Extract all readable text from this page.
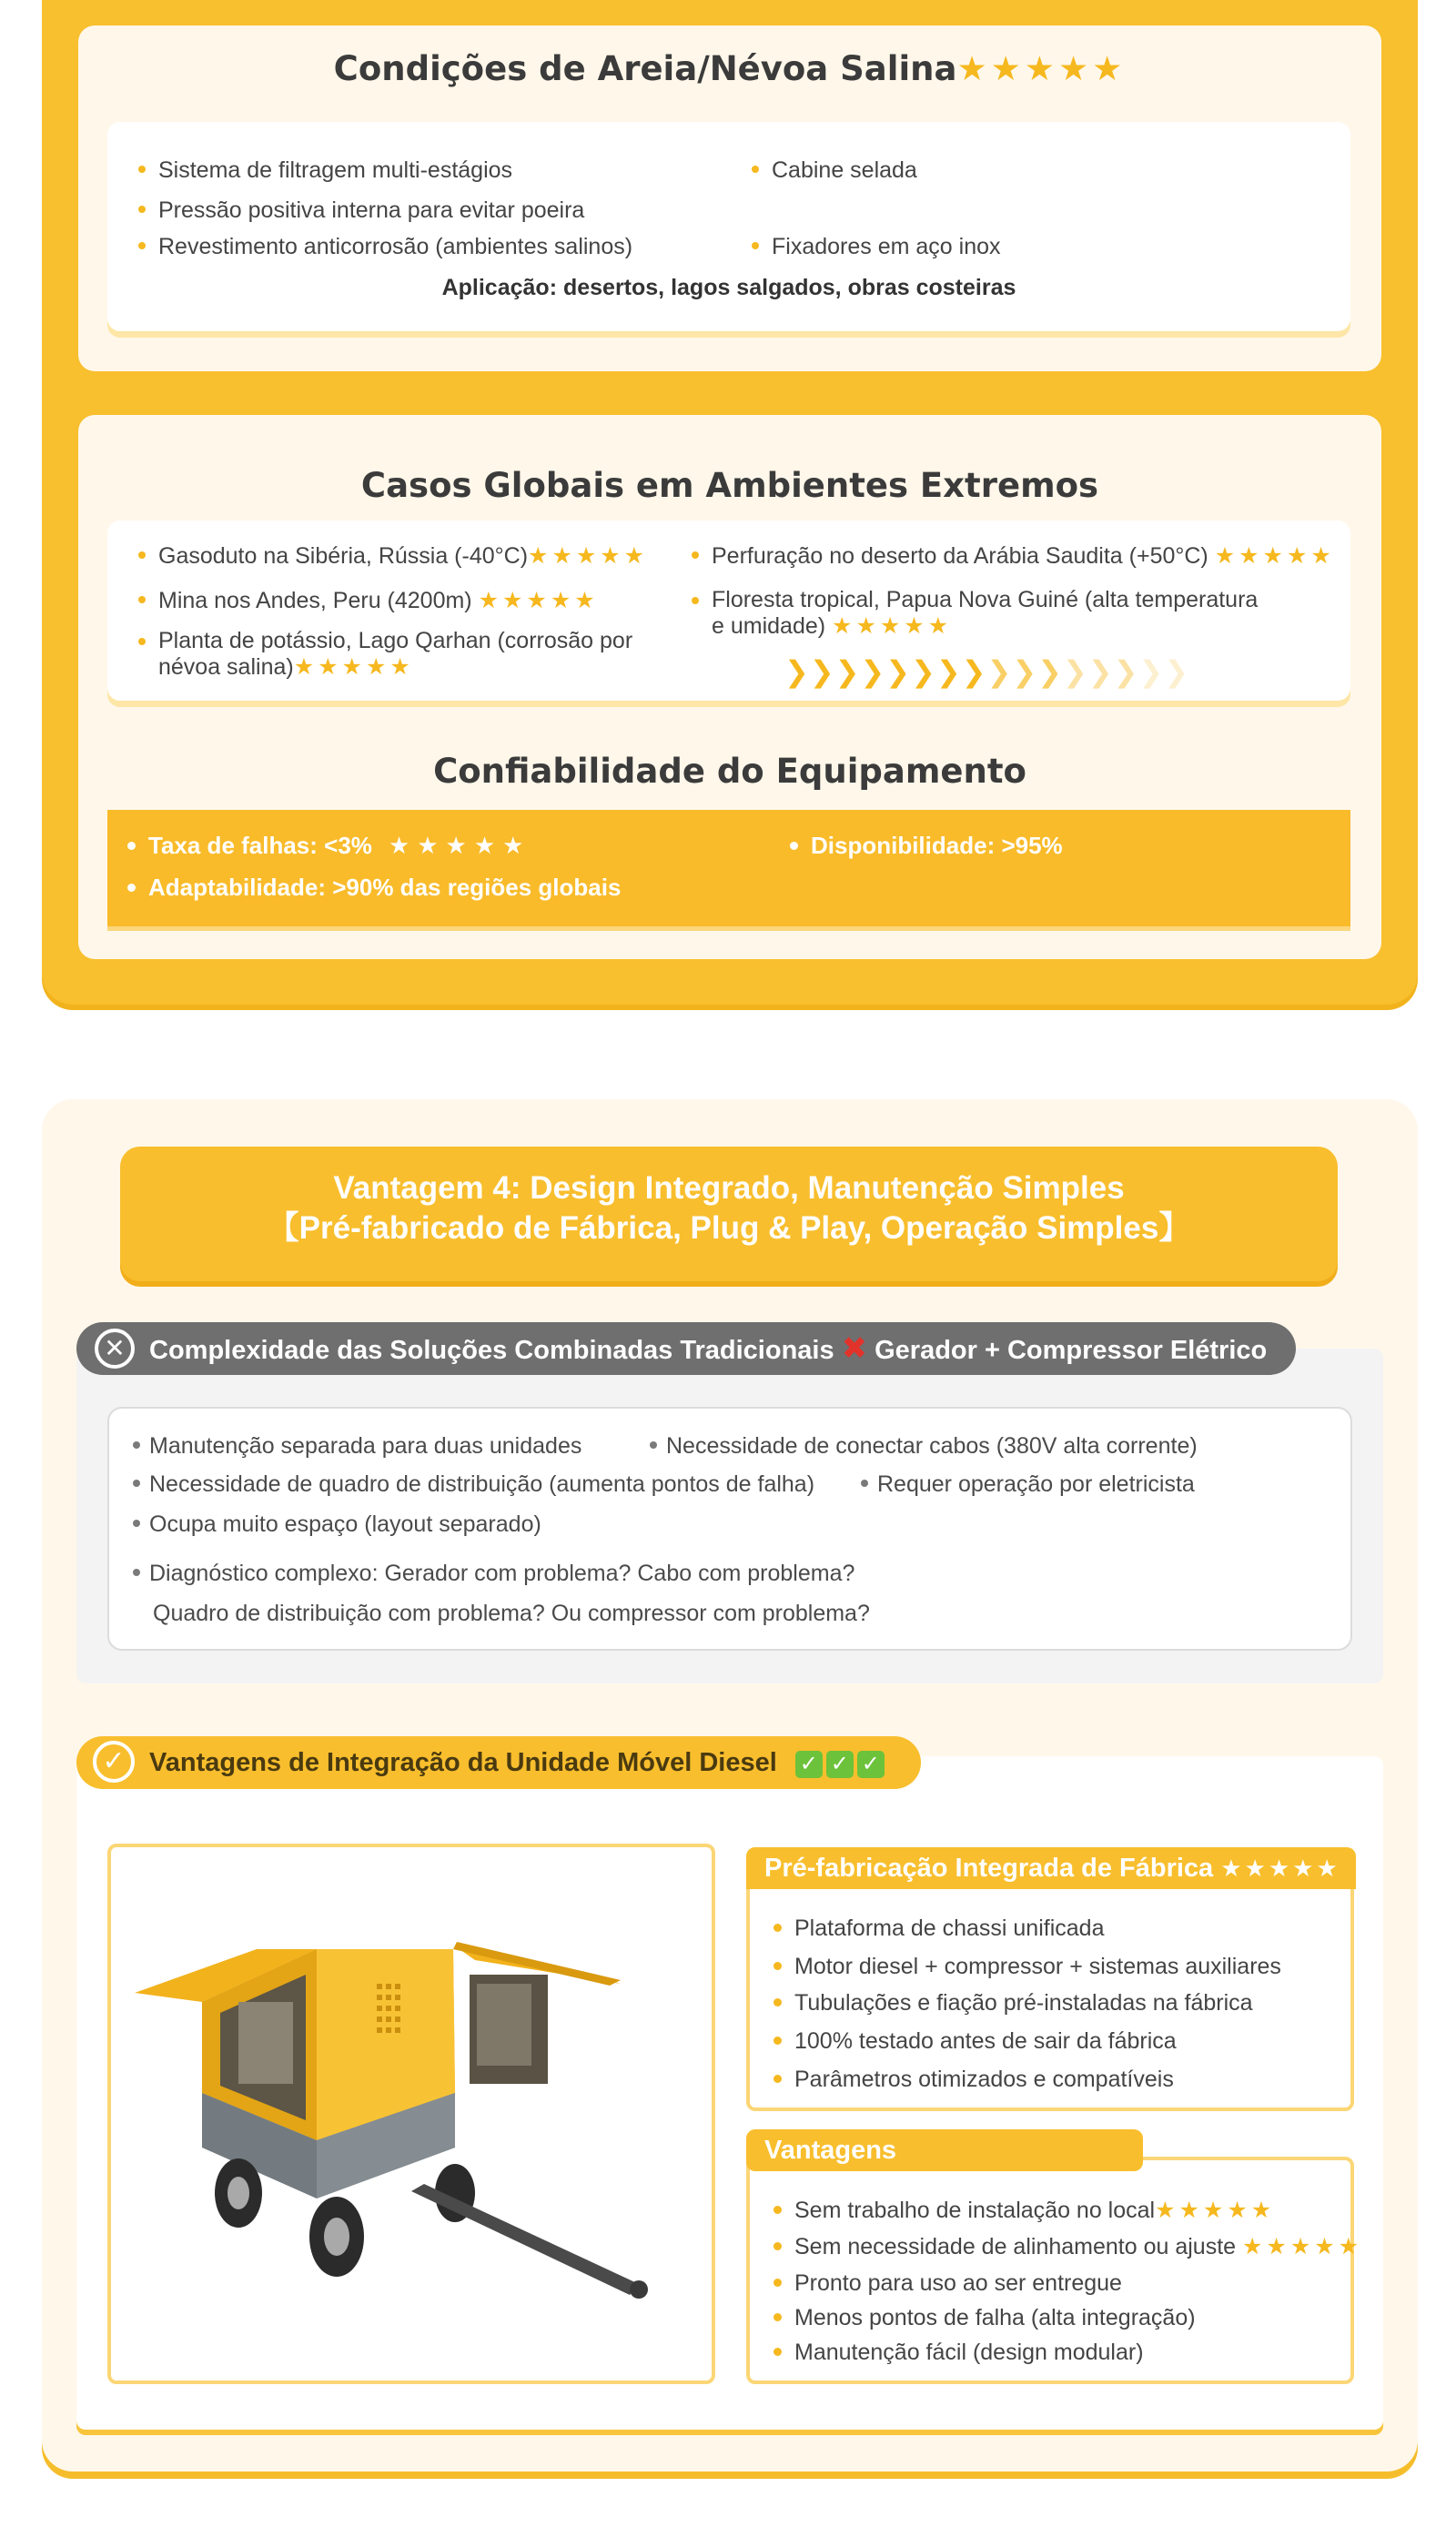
Condições de Areia/Névoa Salina★★★★★
Sistema de filtragem multi-estágios
Pressão positiva interna para evitar poeira
Revestimento anticorrosão (ambientes salinos)
Cabine selada
Fixadores em aço inox
Aplicação: desertos, lagos salgados, obras costeiras
Casos Globais em Ambientes Extremos
Gasoduto na Sibéria, Rússia (-40°C)★★★★★
Mina nos Andes, Peru (4200m) ★★★★★
Planta de potássio, Lago Qarhan (corrosão por névoa salina)★★★★★
Perfuração no deserto da Arábia Saudita (+50°C) ★★★★★
Floresta tropical, Papua Nova Guiné (alta temperatura e umidade) ★★★★★
❯❯❯❯❯❯❯❯❯❯❯❯❯❯❯❯
Confiabilidade do Equipamento
Taxa de falhas: <3% ★★★★★	Disponibilidade: >95%
Adaptabilidade: >90% das regiões globais
Vantagem 4: Design Integrado, Manutenção Simples
【Pré-fabricado de Fábrica, Plug & Play, Operação Simples】
Complexidade das Soluções Combinadas Tradicionais ✖ Gerador + Compressor Elétrico
✕
Manutenção separada para duas unidades	Necessidade de conectar cabos (380V alta corrente)
Necessidade de quadro de distribuição (aumenta pontos de falha)	Requer operação por eletricista
Ocupa muito espaço (layout separado)
Diagnóstico complexo: Gerador com problema? Cabo com problema?
Quadro de distribuição com problema? Ou compressor com problema?
Vantagens de Integração da Unidade Móvel Diesel ✓ ✓ ✓
✓
Pré-fabricação Integrada de Fábrica ★★★★★
Plataforma de chassi unificada
Motor diesel + compressor + sistemas auxiliares
Tubulações e fiação pré-instaladas na fábrica
100% testado antes de sair da fábrica
Parâmetros otimizados e compatíveis
Vantagens
Sem trabalho de instalação no local★★★★★
Sem necessidade de alinhamento ou ajuste ★★★★★
Pronto para uso ao ser entregue
Menos pontos de falha (alta integração)
Manutenção fácil (design modular)
